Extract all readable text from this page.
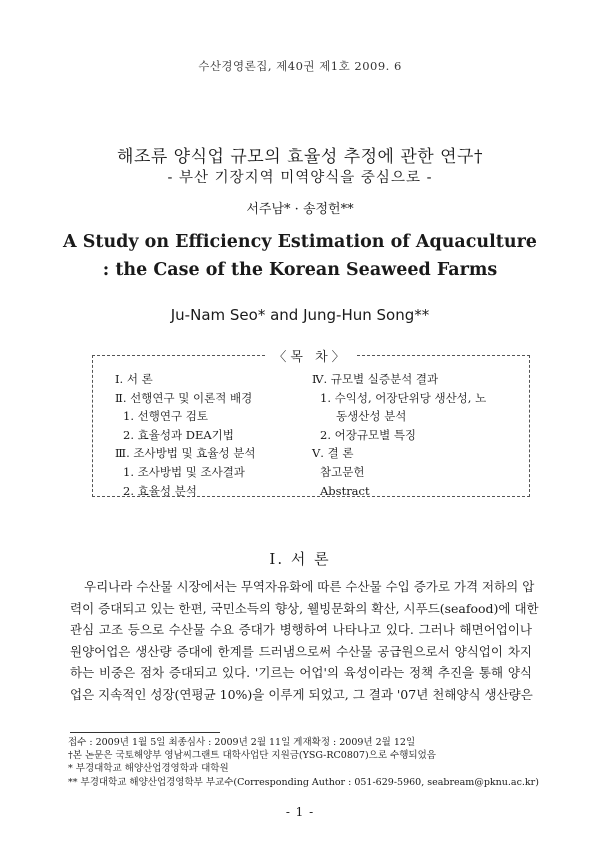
수산경영론집, 제40권 제1호 2009. 6
해조류 양식업 규모의 효율성 추정에 관한 연구†
- 부산 기장지역 미역양식을 중심으로 -
서주남* · 송정헌**
A Study on Efficiency Estimation of Aquaculture
: the Case of the Korean Seaweed Farms
Ju-Nam Seo* and Jung-Hun Song**
〈목 차〉
Ⅰ. 서 론
Ⅱ. 선행연구 및 이론적 배경
1. 선행연구 검토
2. 효율성과 DEA기법
Ⅲ. 조사방법 및 효율성 분석
1. 조사방법 및 조사결과
2. 효율성 분석
Ⅳ. 규모별 실증분석 결과
1. 수익성, 어장단위당 생산성, 노
동생산성 분석
2. 어장규모별 특징
Ⅴ. 결 론
참고문헌
Abstract
Ⅰ. 서 론
우리나라 수산물 시장에서는 무역자유화에 따른 수산물 수입 증가로 가격 저하의 압
력이 증대되고 있는 한편, 국민소득의 향상, 웰빙문화의 확산, 시푸드(seafood)에 대한
관심 고조 등으로 수산물 수요 증대가 병행하여 나타나고 있다. 그러나 해면어업이나
원양어업은 생산량 증대에 한계를 드러냄으로써 수산물 공급원으로서 양식업이 차지
하는 비중은 점차 증대되고 있다. '기르는 어업'의 육성이라는 정책 추진을 통해 양식
업은 지속적인 성장(연평균 10%)을 이루게 되었고, 그 결과 '07년 천해양식 생산량은
접수 : 2009년 1월 5일 최종심사 : 2009년 2월 11일 게재확정 : 2009년 2월 12일
†본 논문은 국토해양부 영남씨그랜트 대학사업단 지원금(YSG-RC0807)으로 수행되었음
* 부경대학교 해양산업경영학과 대학원
** 부경대학교 해양산업경영학부 부교수(Corresponding Author : 051-629-5960, seabream@pknu.ac.kr)
- 1 -
